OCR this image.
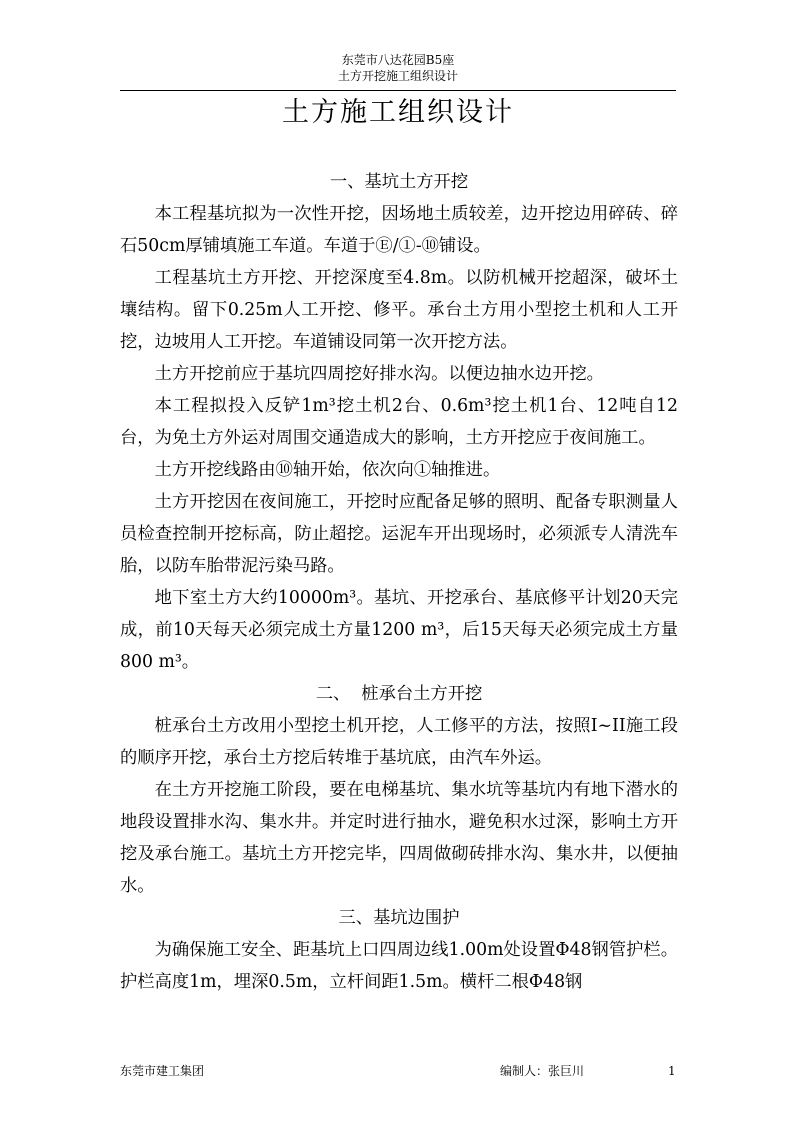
东莞市八达花园B5座
土方开挖施工组织设计
土方施工组织设计
一、基坑土方开挖

本工程基坑拟为一次性开挖，因场地土质较差，边开挖边用碎砖、碎石50cm厚铺填施工车道。车道于Ⓔ/①-⑩铺设。

工程基坑土方开挖、开挖深度至4.8m。以防机械开挖超深，破坏土壤结构。留下0.25m人工开挖、修平。承台土方用小型挖土机和人工开挖，边坡用人工开挖。车道铺设同第一次开挖方法。

土方开挖前应于基坑四周挖好排水沟。以便边抽水边开挖。

本工程拟投入反铲1m³挖土机2台、0.6m³挖土机1台、12吨自12台，为免土方外运对周围交通造成大的影响，土方开挖应于夜间施工。

土方开挖线路由⑩轴开始，依次向①轴推进。

土方开挖因在夜间施工，开挖时应配备足够的照明、配备专职测量人员检查控制开挖标高，防止超挖。运泥车开出现场时，必须派专人清洗车胎，以防车胎带泥污染马路。

地下室土方大约10000m³。基坑、开挖承台、基底修平计划20天完成，前10天每天必须完成土方量1200 m³，后15天每天必须完成土方量800 m³。

二、  桩承台土方开挖

桩承台土方改用小型挖土机开挖，人工修平的方法，按照I~II施工段的顺序开挖，承台土方挖后转堆于基坑底，由汽车外运。

在土方开挖施工阶段，要在电梯基坑、集水坑等基坑内有地下潜水的地段设置排水沟、集水井。并定时进行抽水，避免积水过深，影响土方开挖及承台施工。基坑土方开挖完毕，四周做砌砖排水沟、集水井，以便抽水。

三、基坑边围护

为确保施工安全、距基坑上口四周边线1.00m处设置Φ48钢管护栏。护栏高度1m，埋深0.5m，立杆间距1.5m。横杆二根Φ48钢

东莞市建工集团	编制人：张巨川	1
